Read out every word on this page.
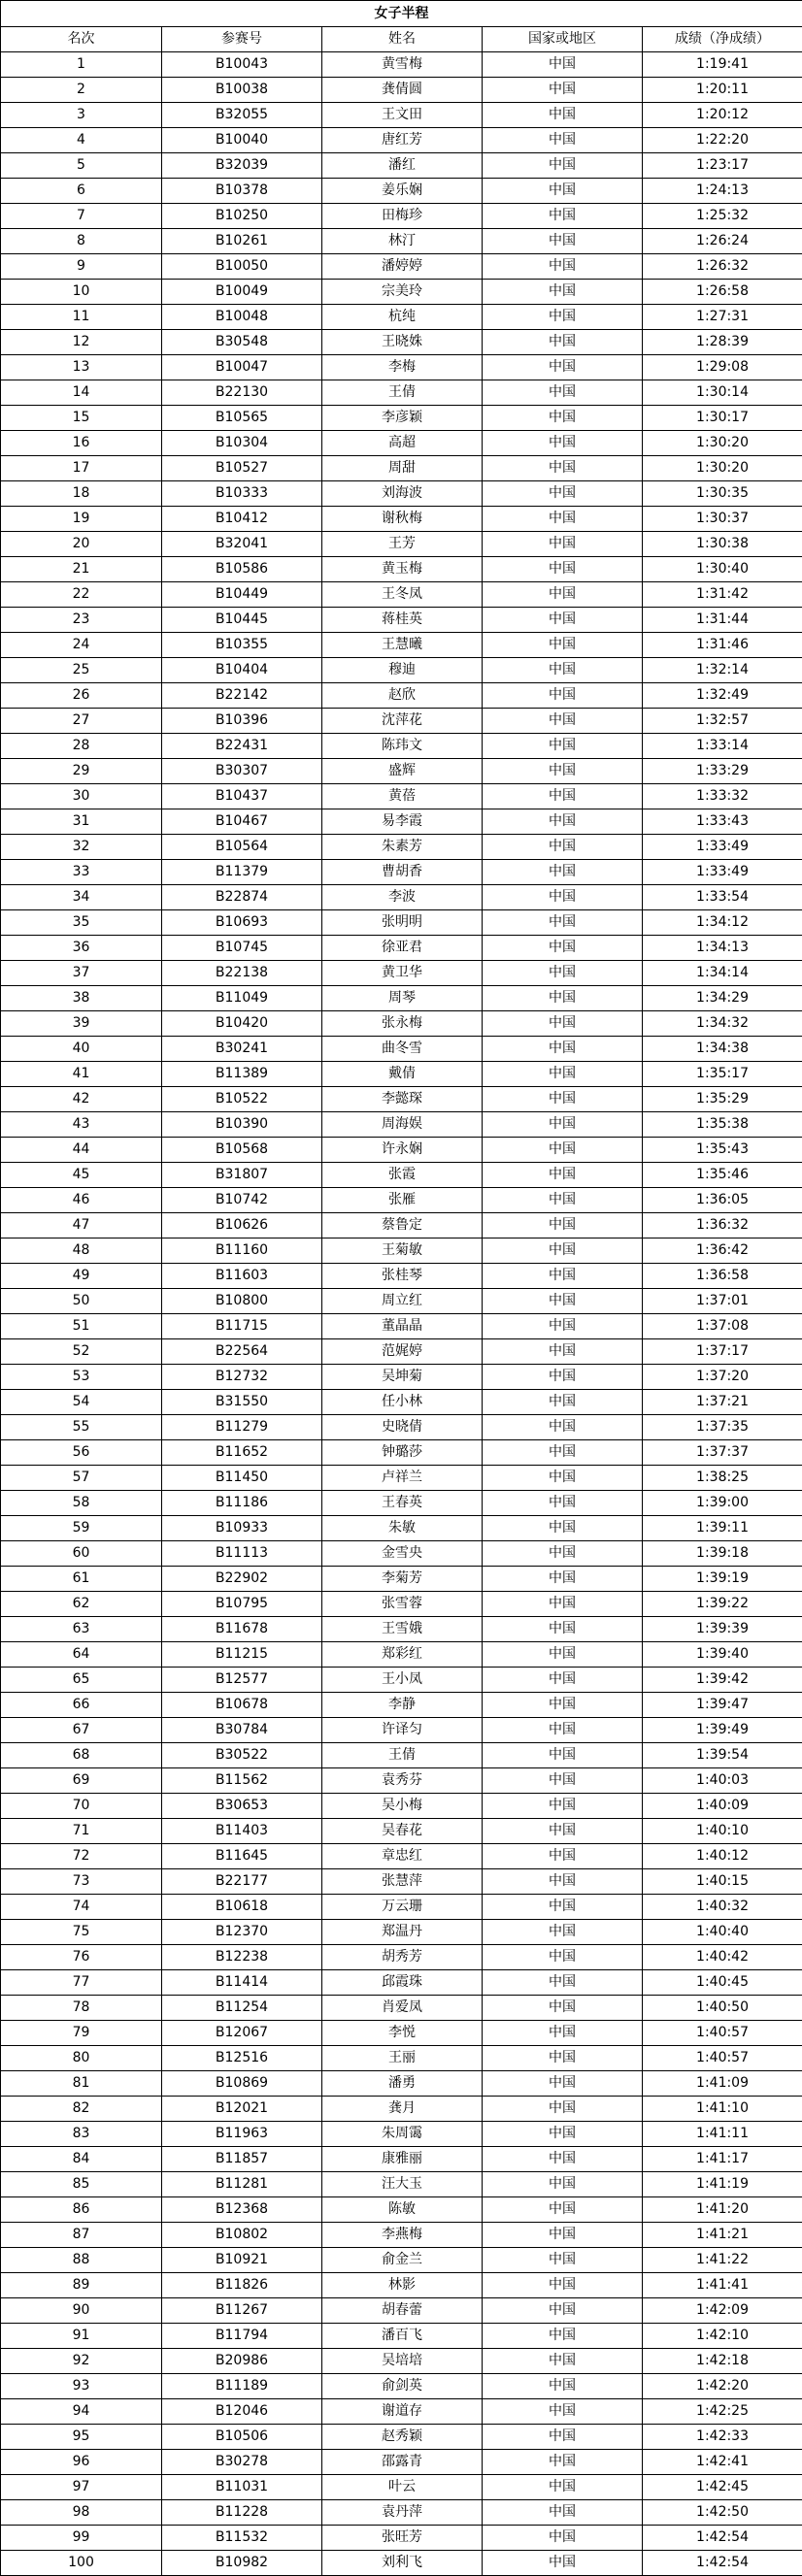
女子半程				
名次	参赛号	姓名	国家或地区	成绩（净成绩）
1	B10043	黄雪梅	中国	1:19:41
2	B10038	龚倩圆	中国	1:20:11
3	B32055	王文田	中国	1:20:12
4	B10040	唐红芳	中国	1:22:20
5	B32039	潘红	中国	1:23:17
6	B10378	姜乐娴	中国	1:24:13
7	B10250	田梅珍	中国	1:25:32
8	B10261	林汀	中国	1:26:24
9	B10050	潘婷婷	中国	1:26:32
10	B10049	宗美玲	中国	1:26:58
11	B10048	杭纯	中国	1:27:31
12	B30548	王晓姝	中国	1:28:39
13	B10047	李梅	中国	1:29:08
14	B22130	王倩	中国	1:30:14
15	B10565	李彦颖	中国	1:30:17
16	B10304	高超	中国	1:30:20
17	B10527	周甜	中国	1:30:20
18	B10333	刘海波	中国	1:30:35
19	B10412	谢秋梅	中国	1:30:37
20	B32041	王芳	中国	1:30:38
21	B10586	黄玉梅	中国	1:30:40
22	B10449	王冬凤	中国	1:31:42
23	B10445	蒋桂英	中国	1:31:44
24	B10355	王慧曦	中国	1:31:46
25	B10404	穆迪	中国	1:32:14
26	B22142	赵欣	中国	1:32:49
27	B10396	沈萍花	中国	1:32:57
28	B22431	陈玮文	中国	1:33:14
29	B30307	盛辉	中国	1:33:29
30	B10437	黄蓓	中国	1:33:32
31	B10467	易李霞	中国	1:33:43
32	B10564	朱素芳	中国	1:33:49
33	B11379	曹胡香	中国	1:33:49
34	B22874	李波	中国	1:33:54
35	B10693	张明明	中国	1:34:12
36	B10745	徐亚君	中国	1:34:13
37	B22138	黄卫华	中国	1:34:14
38	B11049	周琴	中国	1:34:29
39	B10420	张永梅	中国	1:34:32
40	B30241	曲冬雪	中国	1:34:38
41	B11389	戴倩	中国	1:35:17
42	B10522	李懿琛	中国	1:35:29
43	B10390	周海娱	中国	1:35:38
44	B10568	许永娴	中国	1:35:43
45	B31807	张霞	中国	1:35:46
46	B10742	张雁	中国	1:36:05
47	B10626	蔡鲁定	中国	1:36:32
48	B11160	王菊敏	中国	1:36:42
49	B11603	张桂琴	中国	1:36:58
50	B10800	周立红	中国	1:37:01
51	B11715	董晶晶	中国	1:37:08
52	B22564	范娓婷	中国	1:37:17
53	B12732	吴坤菊	中国	1:37:20
54	B31550	任小林	中国	1:37:21
55	B11279	史晓倩	中国	1:37:35
56	B11652	钟璐莎	中国	1:37:37
57	B11450	卢祥兰	中国	1:38:25
58	B11186	王春英	中国	1:39:00
59	B10933	朱敏	中国	1:39:11
60	B11113	金雪央	中国	1:39:18
61	B22902	李菊芳	中国	1:39:19
62	B10795	张雪蓉	中国	1:39:22
63	B11678	王雪娥	中国	1:39:39
64	B11215	郑彩红	中国	1:39:40
65	B12577	王小凤	中国	1:39:42
66	B10678	李静	中国	1:39:47
67	B30784	许译匀	中国	1:39:49
68	B30522	王倩	中国	1:39:54
69	B11562	袁秀芬	中国	1:40:03
70	B30653	吴小梅	中国	1:40:09
71	B11403	吴春花	中国	1:40:10
72	B11645	章忠红	中国	1:40:12
73	B22177	张慧萍	中国	1:40:15
74	B10618	万云珊	中国	1:40:32
75	B12370	郑温丹	中国	1:40:40
76	B12238	胡秀芳	中国	1:40:42
77	B11414	邱霞珠	中国	1:40:45
78	B11254	肖爱凤	中国	1:40:50
79	B12067	李悦	中国	1:40:57
80	B12516	王丽	中国	1:40:57
81	B10869	潘勇	中国	1:41:09
82	B12021	龚月	中国	1:41:10
83	B11963	朱周霭	中国	1:41:11
84	B11857	康雅丽	中国	1:41:17
85	B11281	汪大玉	中国	1:41:19
86	B12368	陈敏	中国	1:41:20
87	B10802	李燕梅	中国	1:41:21
88	B10921	俞金兰	中国	1:41:22
89	B11826	林影	中国	1:41:41
90	B11267	胡春蕾	中国	1:42:09
91	B11794	潘百飞	中国	1:42:10
92	B20986	吴培培	中国	1:42:18
93	B11189	俞剑英	中国	1:42:20
94	B12046	谢道存	中国	1:42:25
95	B10506	赵秀颖	中国	1:42:33
96	B30278	邵露青	中国	1:42:41
97	B11031	叶云	中国	1:42:45
98	B11228	袁丹萍	中国	1:42:50
99	B11532	张旺芳	中国	1:42:54
100	B10982	刘利飞	中国	1:42:54
